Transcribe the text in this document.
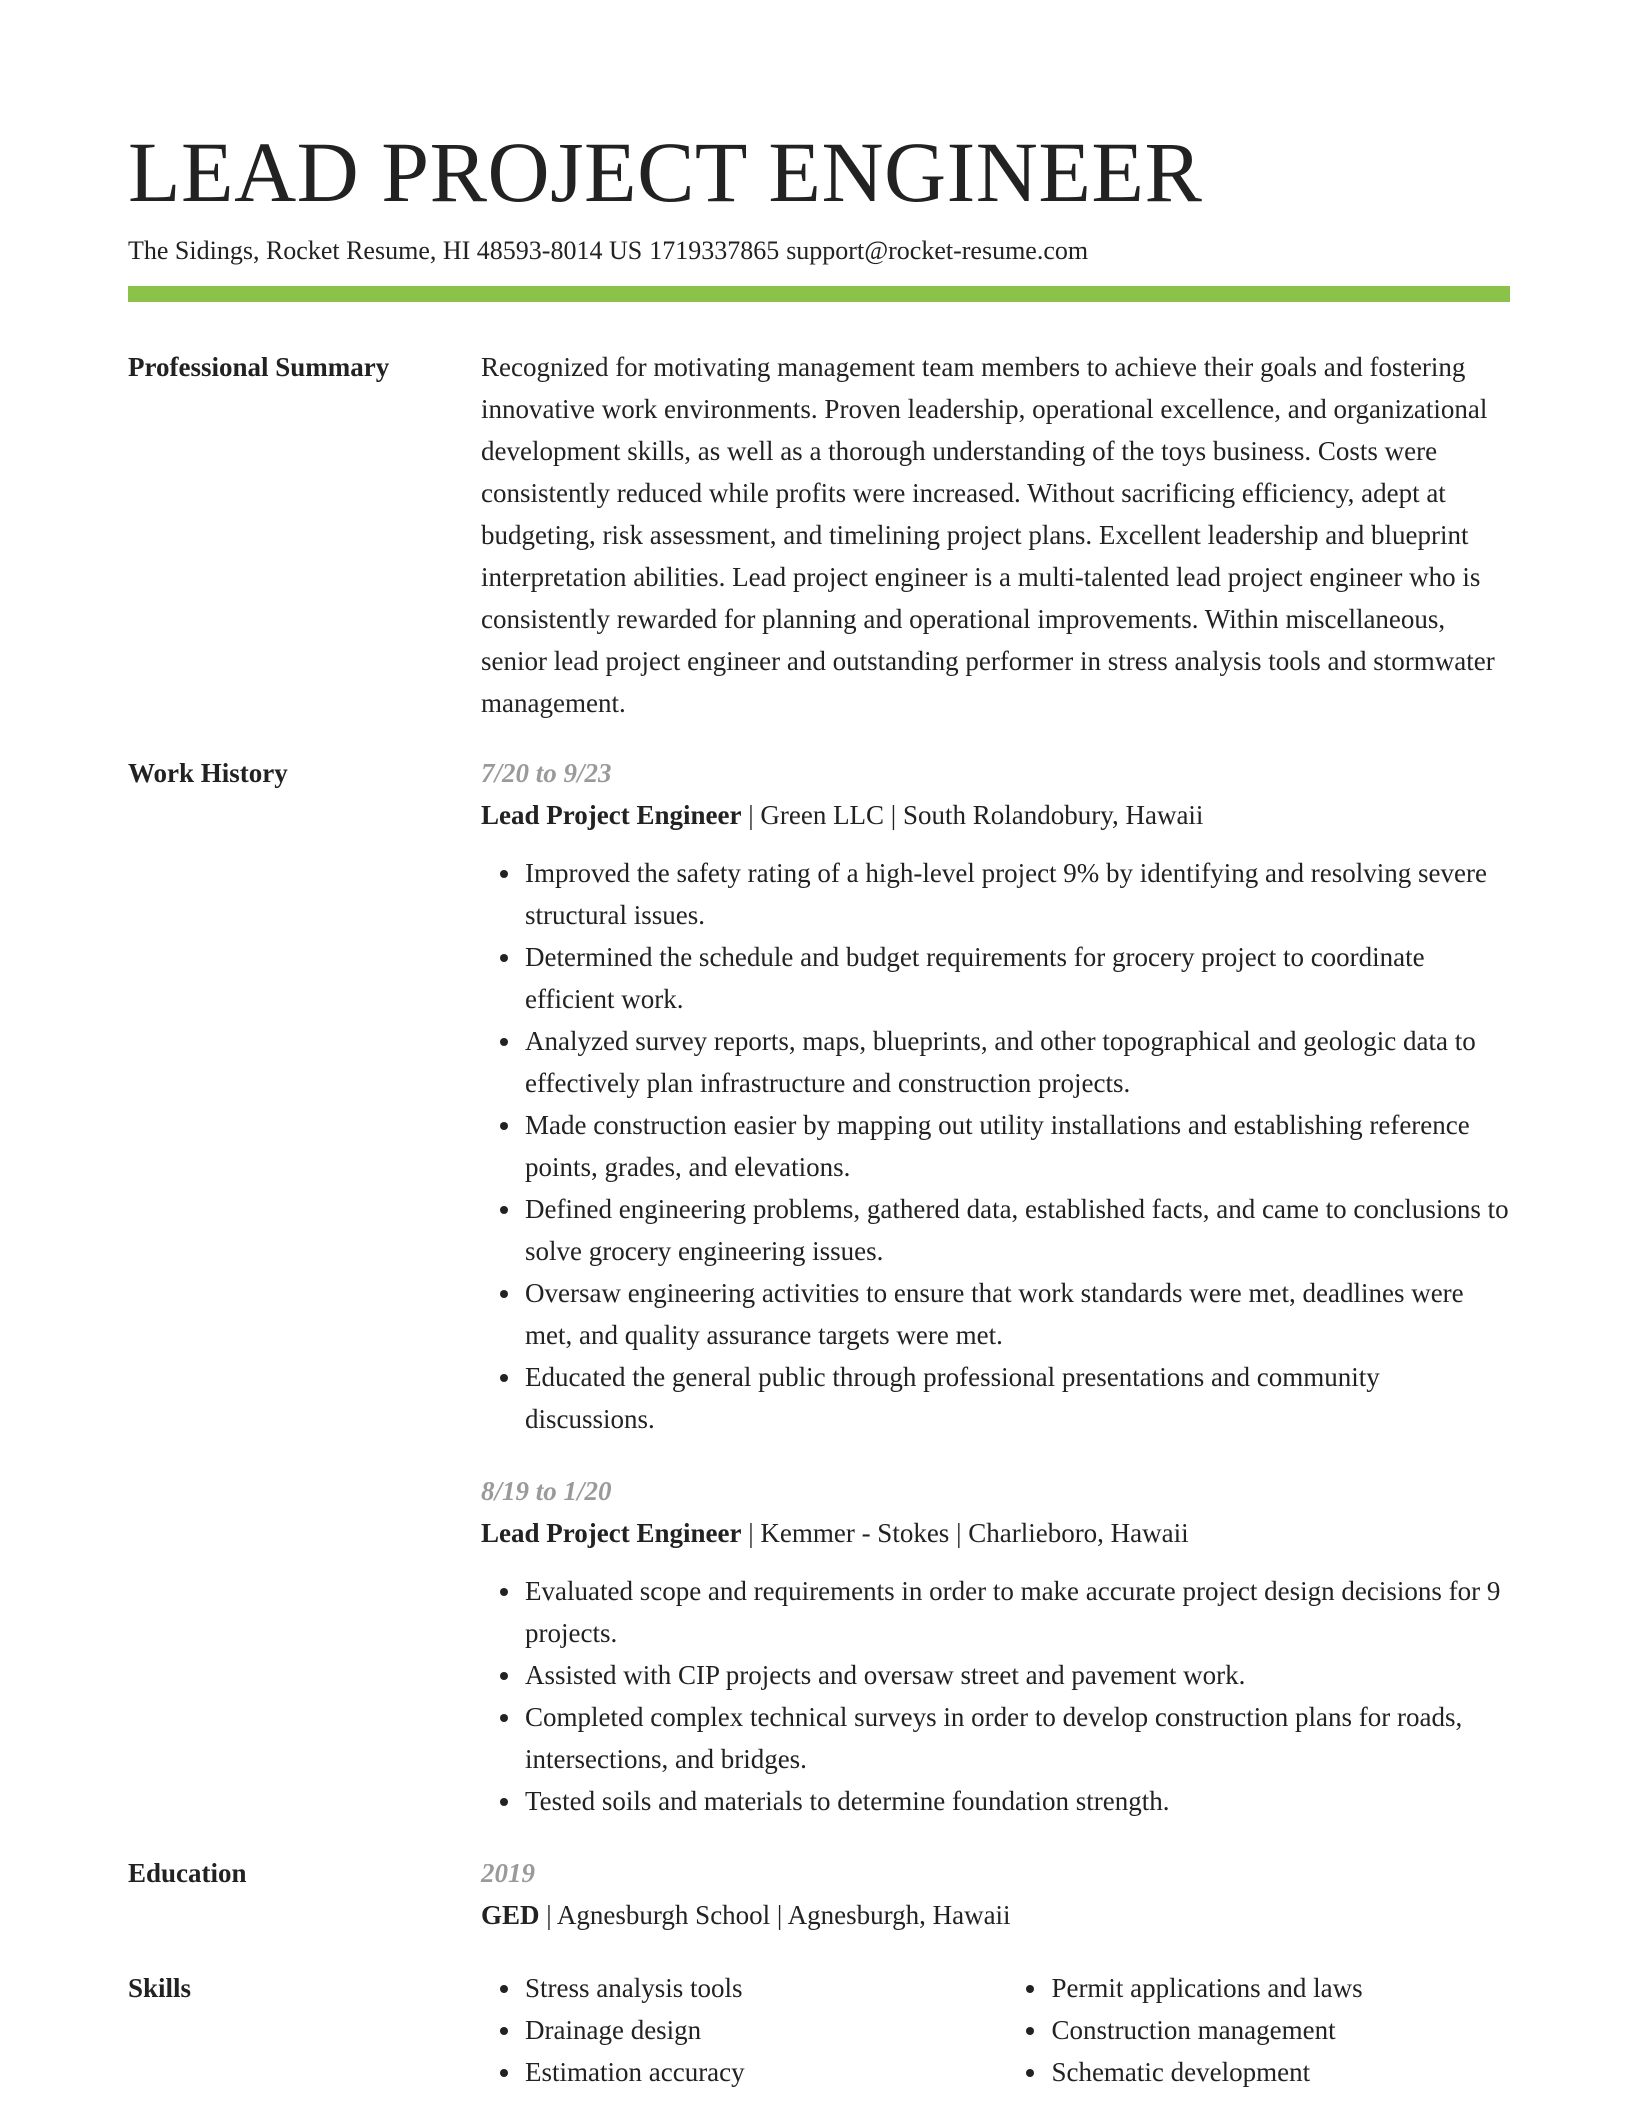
LEAD PROJECT ENGINEER
The Sidings, Rocket Resume, HI 48593-8014 US 1719337865 support@rocket-resume.com
Professional Summary	Recognized for motivating management team members to achieve their goals and fostering innovative work environments. Proven leadership, operational excellence, and organizational development skills, as well as a thorough understanding of the toys business. Costs were consistently reduced while profits were increased. Without sacrificing efficiency, adept at budgeting, risk assessment, and timelining project plans. Excellent leadership and blueprint interpretation abilities. Lead project engineer is a multi-talented lead project engineer who is consistently rewarded for planning and operational improvements. Within miscellaneous, senior lead project engineer and outstanding performer in stress analysis tools and stormwater management.

Work History	7/20 to 9/23
Lead Project Engineer | Green LLC | South Rolandobury, Hawaii
Improved the safety rating of a high-level project 9% by identifying and resolving severe structural issues.
Determined the schedule and budget requirements for grocery project to coordinate efficient work.
Analyzed survey reports, maps, blueprints, and other topographical and geologic data to effectively plan infrastructure and construction projects.
Made construction easier by mapping out utility installations and establishing reference points, grades, and elevations.
Defined engineering problems, gathered data, established facts, and came to conclusions to solve grocery engineering issues.
Oversaw engineering activities to ensure that work standards were met, deadlines were met, and quality assurance targets were met.
Educated the general public through professional presentations and community discussions.
8/19 to 1/20
Lead Project Engineer | Kemmer - Stokes | Charlieboro, Hawaii
Evaluated scope and requirements in order to make accurate project design decisions for 9 projects.
Assisted with CIP projects and oversaw street and pavement work.
Completed complex technical surveys in order to develop construction plans for roads, intersections, and bridges.
Tested soils and materials to determine foundation strength.
Education	2019
GED | Agnesburgh School | Agnesburgh, Hawaii
Skills	Stress analysis tools
Drainage design
Estimation accuracy
Permit applications and laws
Construction management
Schematic development
